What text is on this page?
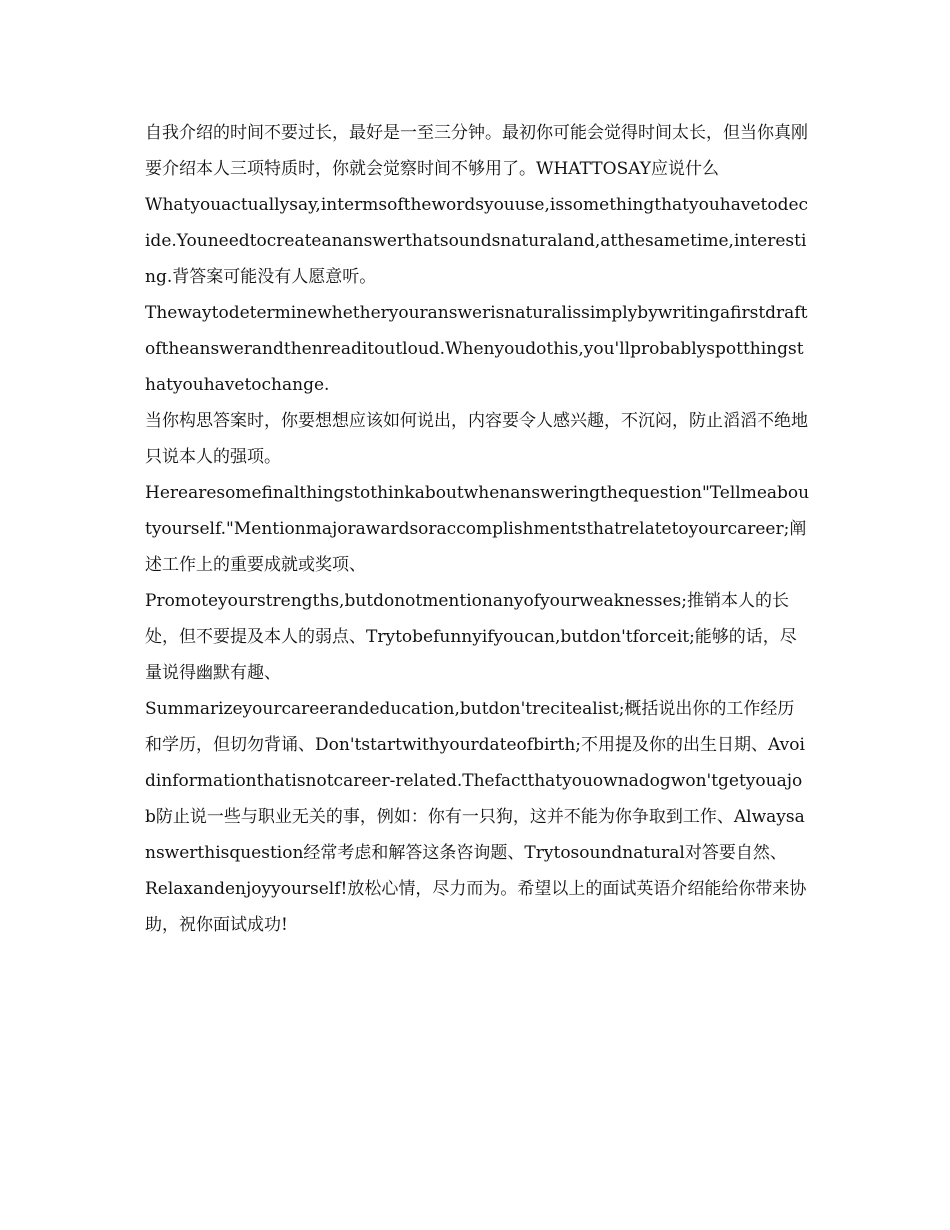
自我介绍的时间不要过长，最好是一至三分钟。最初你可能会觉得时间太长，但当你真刚要介绍本人三项特质时，你就会觉察时间不够用了。WHATTOSAY应说什么

Whatyouactuallysay,intermsofthewordsyouuse,issomethingthatyouhavetodecide.Youneedtocreateananswerthatsoundsnaturaland,atthesametime,interesting.背答案可能没有人愿意听。

Thewaytodeterminewhetheryouranswerisnaturalissimplybywritingafirstdraftoftheanswerandthenreaditoutloud.Whenyoudothis,you'llprobablyspotthingsthatyouhavetochange.

当你构思答案时，你要想想应该如何说出，内容要令人感兴趣，不沉闷，防止滔滔不绝地只说本人的强项。

Herearesomefinalthingstothinkaboutwhenansweringthequestion"Tellmeaboutyourself."Mentionmajorawardsoraccomplishmentsthatrelatetoyourcareer;阐述工作上的重要成就或奖项、

Promoteyourstrengths,butdonotmentionanyofyourweaknesses;推销本人的长处，但不要提及本人的弱点、Trytobefunnyifyoucan,butdon'tforceit;能够的话，尽量说得幽默有趣、

Summarizeyourcareerandeducation,butdon'trecitealist;概括说出你的工作经历和学历，但切勿背诵、Don'tstartwithyourdateofbirth;不用提及你的出生日期、Avoidinformationthatisnotcareer-related.Thefactthatyouownadogwon'tgetyouajob防止说一些与职业无关的事，例如：你有一只狗，这并不能为你争取到工作、Alwaysanswerthisquestion经常考虑和解答这条咨询题、Trytosoundnatural对答要自然、

Relaxandenjoyyourself!放松心情，尽力而为。希望以上的面试英语介绍能给你带来协助，祝你面试成功!
